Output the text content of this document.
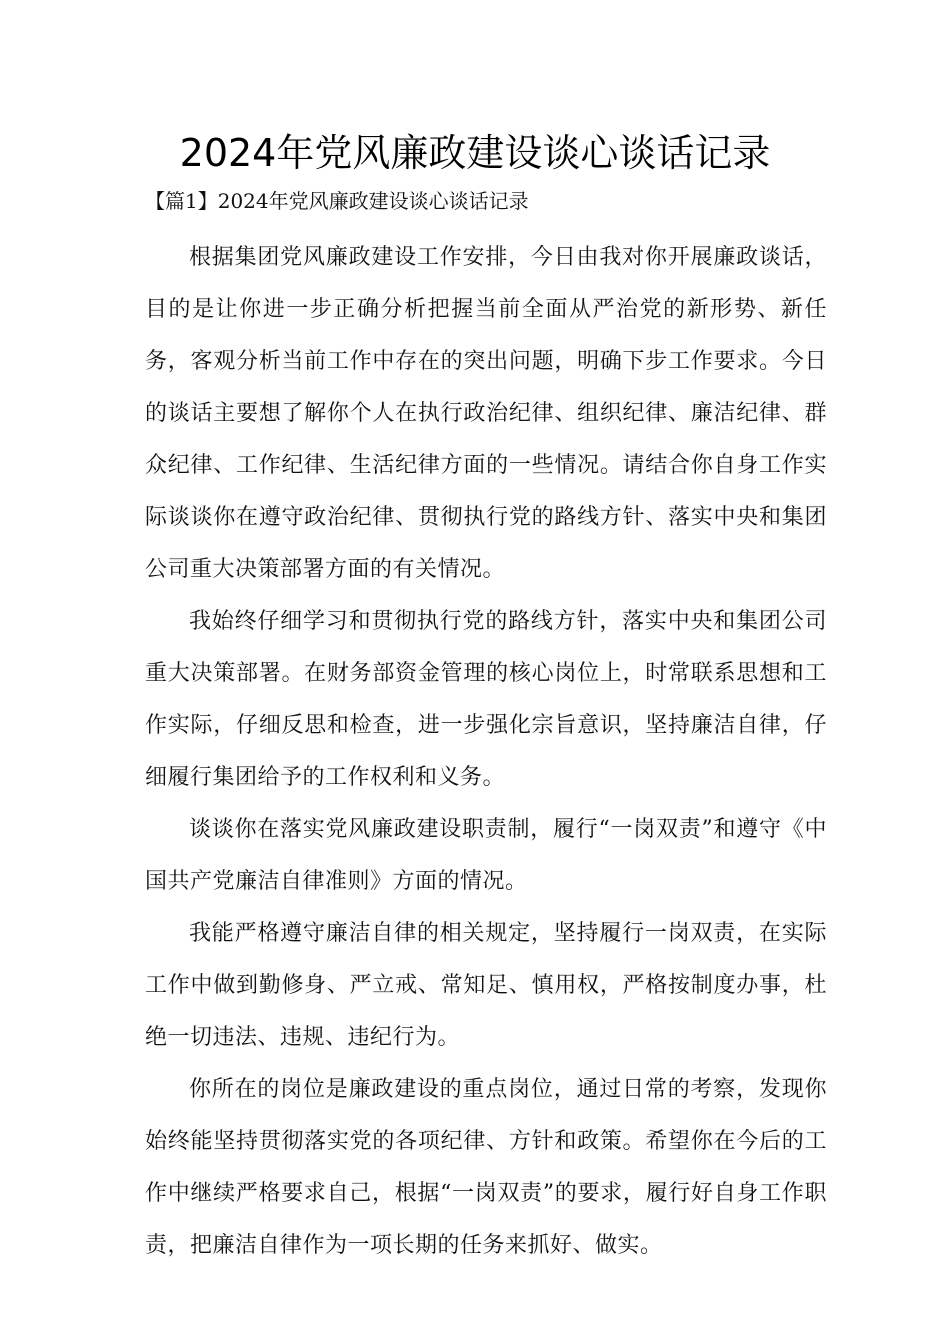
2024年党风廉政建设谈心谈话记录
【篇1】2024年党风廉政建设谈心谈话记录

根据集团党风廉政建设工作安排，今日由我对你开展廉政谈话，目的是让你进一步正确分析把握当前全面从严治党的新形势、新任务，客观分析当前工作中存在的突出问题，明确下步工作要求。今日的谈话主要想了解你个人在执行政治纪律、组织纪律、廉洁纪律、群众纪律、工作纪律、生活纪律方面的一些情况。请结合你自身工作实际谈谈你在遵守政治纪律、贯彻执行党的路线方针、落实中央和集团公司重大决策部署方面的有关情况。

我始终仔细学习和贯彻执行党的路线方针，落实中央和集团公司重大决策部署。在财务部资金管理的核心岗位上，时常联系思想和工作实际，仔细反思和检查，进一步强化宗旨意识，坚持廉洁自律，仔细履行集团给予的工作权利和义务。

谈谈你在落实党风廉政建设职责制，履行“一岗双责”和遵守《中国共产党廉洁自律准则》方面的情况。

我能严格遵守廉洁自律的相关规定，坚持履行一岗双责，在实际工作中做到勤修身、严立戒、常知足、慎用权，严格按制度办事，杜绝一切违法、违规、违纪行为。

你所在的岗位是廉政建设的重点岗位，通过日常的考察，发现你始终能坚持贯彻落实党的各项纪律、方针和政策。希望你在今后的工作中继续严格要求自己，根据“一岗双责”的要求，履行好自身工作职责，把廉洁自律作为一项长期的任务来抓好、做实。
